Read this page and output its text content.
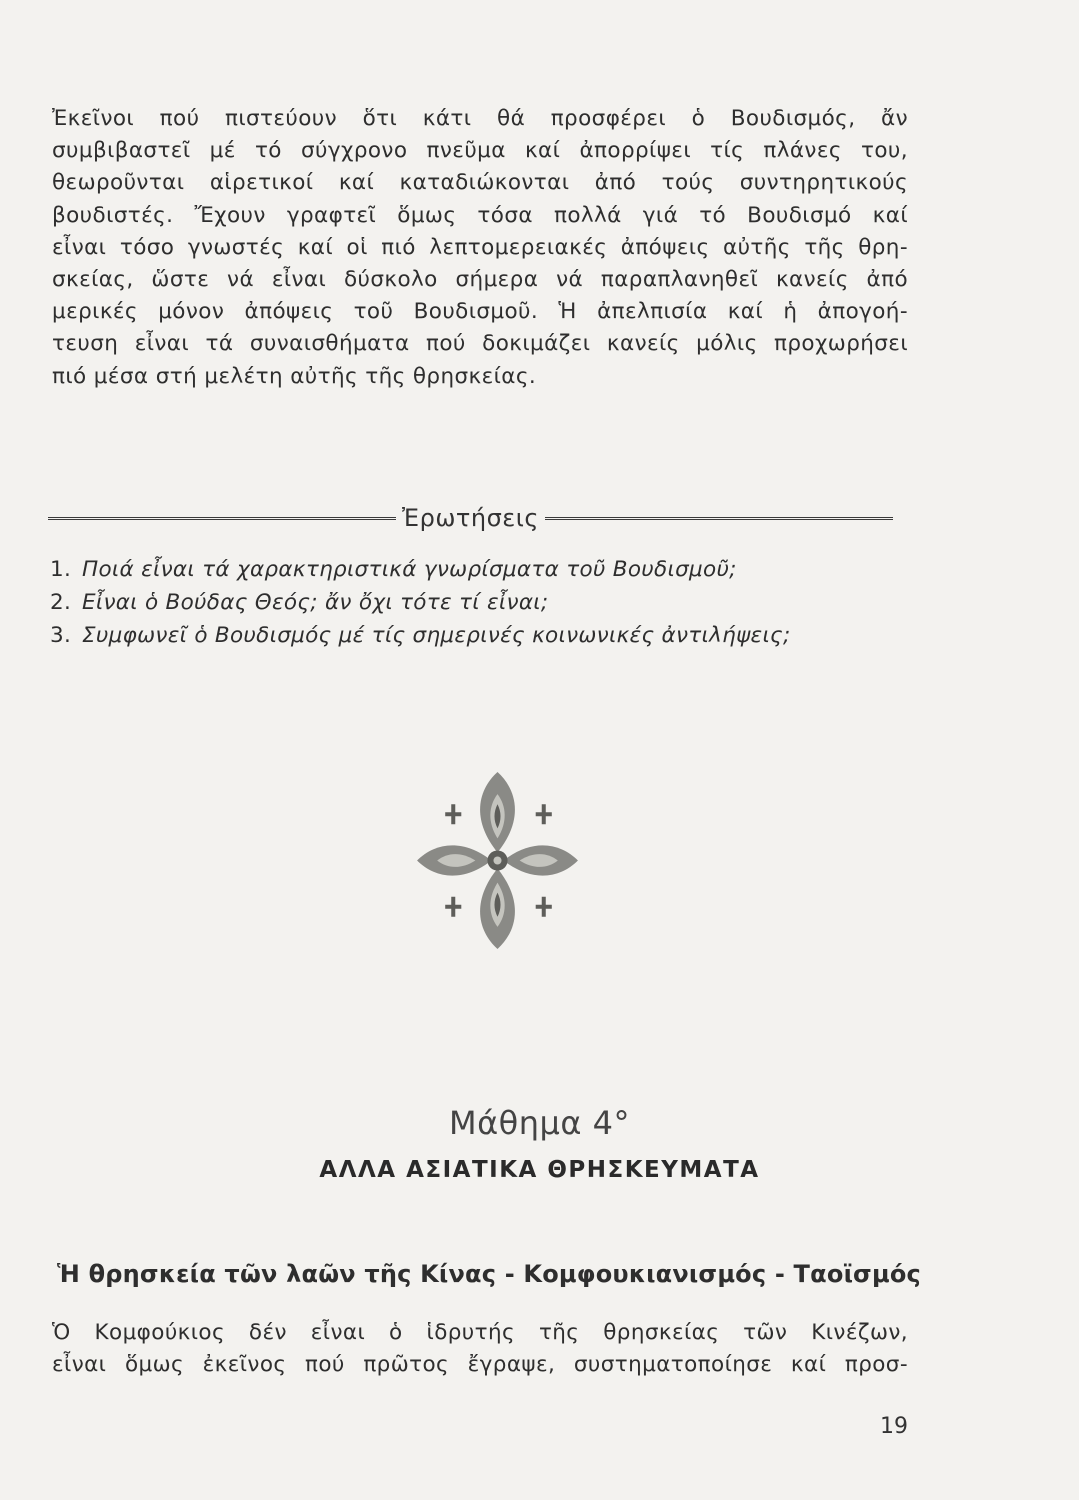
Ἐκεῖνοι πού πιστεύουν ὅτι κάτι θά προσφέρει ὁ Βουδισμός, ἄν
συμβιβαστεῖ μέ τό σύγχρονο πνεῦμα καί ἀπορρίψει τίς πλάνες του,
θεωροῦνται αἱρετικοί καί καταδιώκονται ἀπό τούς συντηρητικούς
βουδιστές. Ἔχουν γραφτεῖ ὅμως τόσα πολλά γιά τό Βουδισμό καί
εἶναι τόσο γνωστές καί οἱ πιό λεπτομερειακές ἀπόψεις αὐτῆς τῆς θρη-
σκείας, ὥστε νά εἶναι δύσκολο σήμερα νά παραπλανηθεῖ κανείς ἀπό
μερικές μόνον ἀπόψεις τοῦ Βουδισμοῦ. Ἡ ἀπελπισία καί ἡ ἀπογοή-
τευση εἶναι τά συναισθήματα πού δοκιμάζει κανείς μόλις προχωρήσει
πιό μέσα στή μελέτη αὐτῆς τῆς θρησκείας.
Ἐρωτήσεις
1. Ποιά εἶναι τά χαρακτηριστικά γνωρίσματα τοῦ Βουδισμοῦ;
2. Εἶναι ὁ Βούδας Θεός; ἄν ὄχι τότε τί εἶναι;
3. Συμφωνεῖ ὁ Βουδισμός μέ τίς σημερινές κοινωνικές ἀντιλήψεις;
Μάθημα 4°
ΑΛΛΑ ΑΣΙΑΤΙΚΑ ΘΡΗΣΚΕΥΜΑΤΑ
Ἡ θρησκεία τῶν λαῶν τῆς Κίνας - Κομφουκιανισμός - Ταοϊσμός
Ὁ Κομφούκιος δέν εἶναι ὁ ἱδρυτής τῆς θρησκείας τῶν Κινέζων,
εἶναι ὅμως ἐκεῖνος πού πρῶτος ἔγραψε, συστηματοποίησε καί προσ-
19
